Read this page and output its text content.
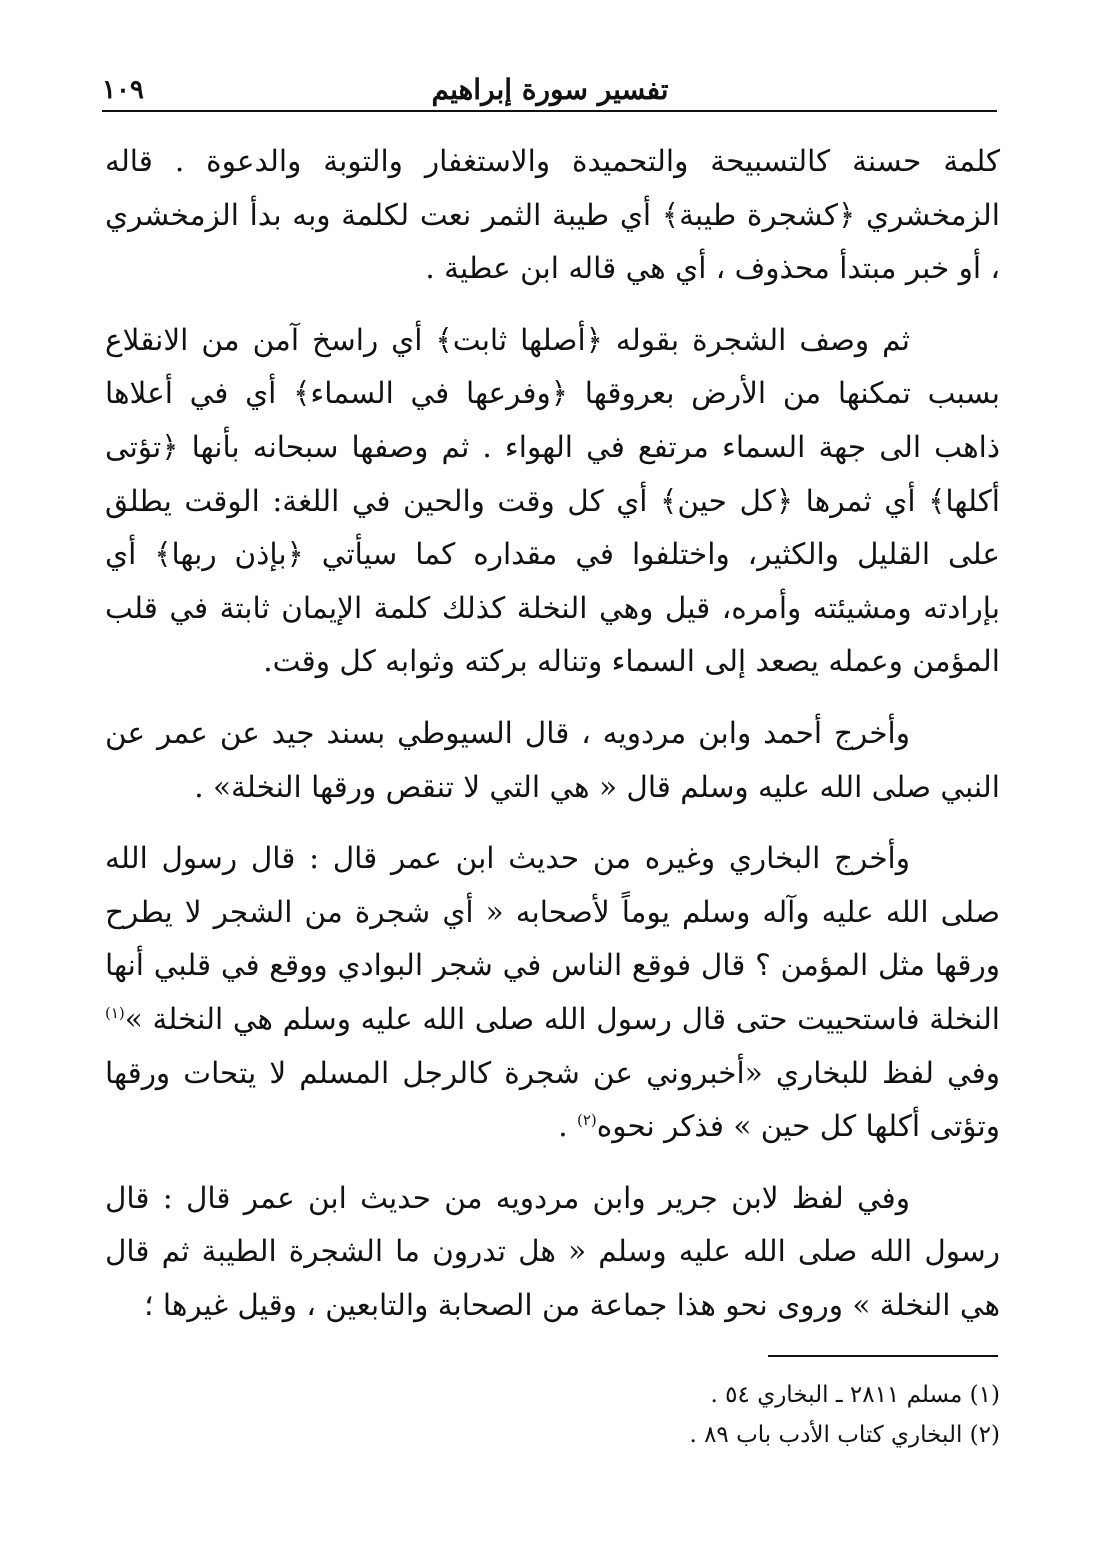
تفسير سورة إبراهيم
١٠٩

كلمة حسنة كالتسبيحة والتحميدة والاستغفار والتوبة والدعوة . قاله الزمخشري ﴿كشجرة طيبة﴾ أي طيبة الثمر نعت لكلمة وبه بدأ الزمخشري ، أو خبر مبتدأ محذوف ، أي هي قاله ابن عطية .

ثم وصف الشجرة بقوله ﴿أصلها ثابت﴾ أي راسخ آمن من الانقلاع بسبب تمكنها من الأرض بعروقها ﴿وفرعها في السماء﴾ أي في أعلاها ذاهب الى جهة السماء مرتفع في الهواء . ثم وصفها سبحانه بأنها ﴿تؤتى أكلها﴾ أي ثمرها ﴿كل حين﴾ أي كل وقت والحين في اللغة: الوقت يطلق على القليل والكثير، واختلفوا في مقداره كما سيأتي ﴿بإذن ربها﴾ أي بإرادته ومشيئته وأمره، قيل وهي النخلة كذلك كلمة الإيمان ثابتة في قلب المؤمن وعمله يصعد إلى السماء وتناله بركته وثوابه كل وقت.

وأخرج أحمد وابن مردويه ، قال السيوطي بسند جيد عن عمر عن النبي صلى الله عليه وسلم قال « هي التي لا تنقص ورقها النخلة» .

وأخرج البخاري وغيره من حديث ابن عمر قال : قال رسول الله صلى الله عليه وآله وسلم يوماً لأصحابه « أي شجرة من الشجر لا يطرح ورقها مثل المؤمن ؟ قال فوقع الناس في شجر البوادي ووقع في قلبي أنها النخلة فاستحييت حتى قال رسول الله صلى الله عليه وسلم هي النخلة »$^{(١)}$ وفي لفظ للبخاري «أخبروني عن شجرة كالرجل المسلم لا يتحات ورقها وتؤتى أكلها كل حين » فذكر نحوه$^{(٢)}$ .

وفي لفظ لابن جرير وابن مردويه من حديث ابن عمر قال : قال رسول الله صلى الله عليه وسلم « هل تدرون ما الشجرة الطيبة ثم قال هي النخلة » وروى نحو هذا جماعة من الصحابة والتابعين ، وقيل غيرها ؛

(١) مسلم ٢٨١١ ـ البخاري ٥٤ .
(٢) البخاري كتاب الأدب باب ٨٩ .
